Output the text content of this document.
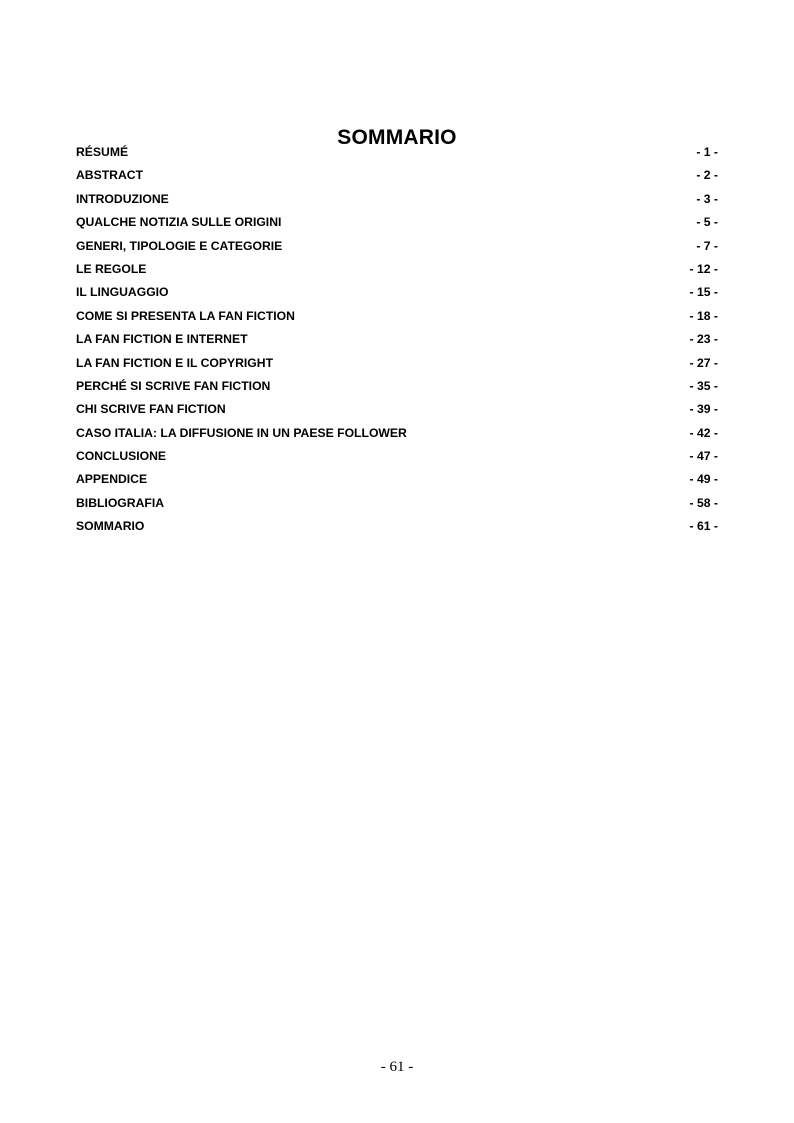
SOMMARIO
RÉSUMÉ	- 1 -
ABSTRACT	- 2 -
INTRODUZIONE	- 3 -
QUALCHE NOTIZIA SULLE ORIGINI	- 5 -
GENERI, TIPOLOGIE E CATEGORIE	- 7 -
LE REGOLE	- 12 -
IL LINGUAGGIO	- 15 -
COME SI PRESENTA LA FAN FICTION	- 18 -
LA FAN FICTION E INTERNET	- 23 -
LA FAN FICTION E IL COPYRIGHT	- 27 -
PERCHÉ SI SCRIVE FAN FICTION	- 35 -
CHI SCRIVE FAN FICTION	- 39 -
CASO ITALIA: LA DIFFUSIONE IN UN PAESE FOLLOWER	- 42 -
CONCLUSIONE	- 47 -
APPENDICE	- 49 -
BIBLIOGRAFIA	- 58 -
SOMMARIO	- 61 -
- 61 -
